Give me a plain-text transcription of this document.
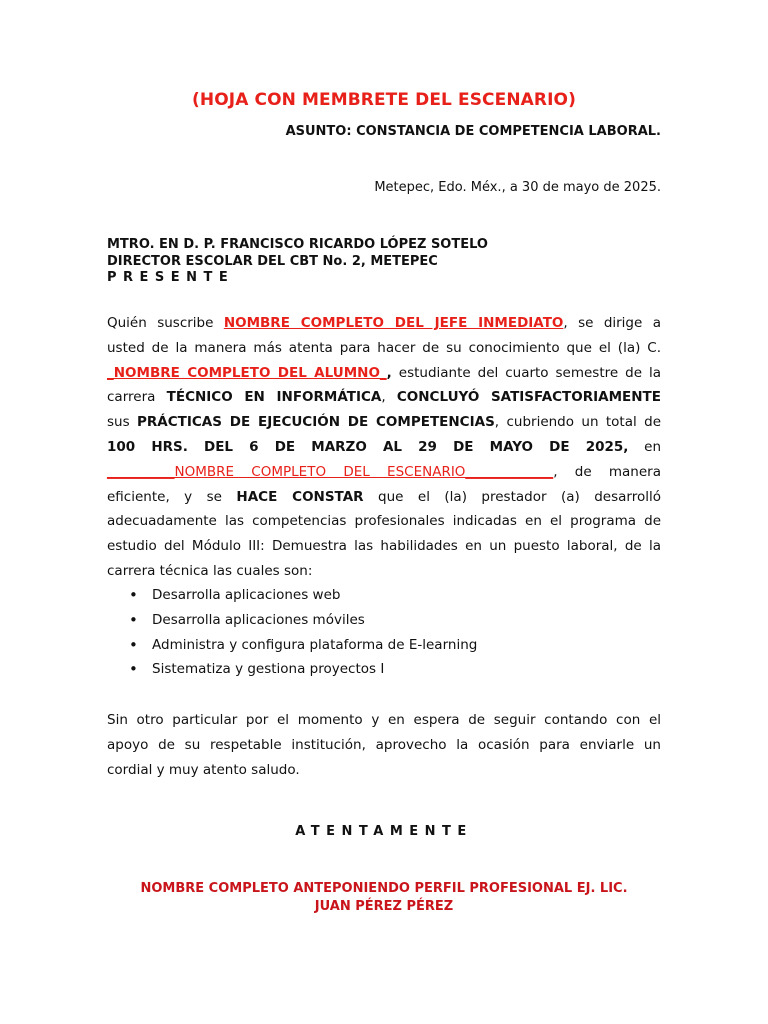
(HOJA CON MEMBRETE DEL ESCENARIO)
ASUNTO: CONSTANCIA DE COMPETENCIA LABORAL.
Metepec, Edo. Méx., a 30 de mayo de 2025.
MTRO. EN D. P. FRANCISCO RICARDO LÓPEZ SOTELO
DIRECTOR ESCOLAR DEL CBT No. 2, METEPEC
PRESENTE
Quién suscribe NOMBRE COMPLETO DEL JEFE INMEDIATO, se dirige a
usted de la manera más atenta para hacer de su conocimiento que el (la) C.
_NOMBRE COMPLETO DEL ALUMNO_, estudiante del cuarto semestre de la
carrera TÉCNICO EN INFORMÁTICA, CONCLUYÓ SATISFACTORIAMENTE
sus PRÁCTICAS DE EJECUCIÓN DE COMPETENCIAS, cubriendo un total de
100 HRS. DEL 6 DE MARZO AL 29 DE MAYO DE 2025, en
__________NOMBRE COMPLETO DEL ESCENARIO_____________, de manera
eficiente, y se HACE CONSTAR que el (la) prestador (a) desarrolló
adecuadamente las competencias profesionales indicadas en el programa de
estudio del Módulo III: Demuestra las habilidades en un puesto laboral, de la
carrera técnica las cuales son:
• Desarrolla aplicaciones web
• Desarrolla aplicaciones móviles
• Administra y configura plataforma de E-learning
• Sistematiza y gestiona proyectos I
Sin otro particular por el momento y en espera de seguir contando con el
apoyo de su respetable institución, aprovecho la ocasión para enviarle un
cordial y muy atento saludo.
ATENTAMENTE
NOMBRE COMPLETO ANTEPONIENDO PERFIL PROFESIONAL EJ. LIC.
JUAN PÉREZ PÉREZ
